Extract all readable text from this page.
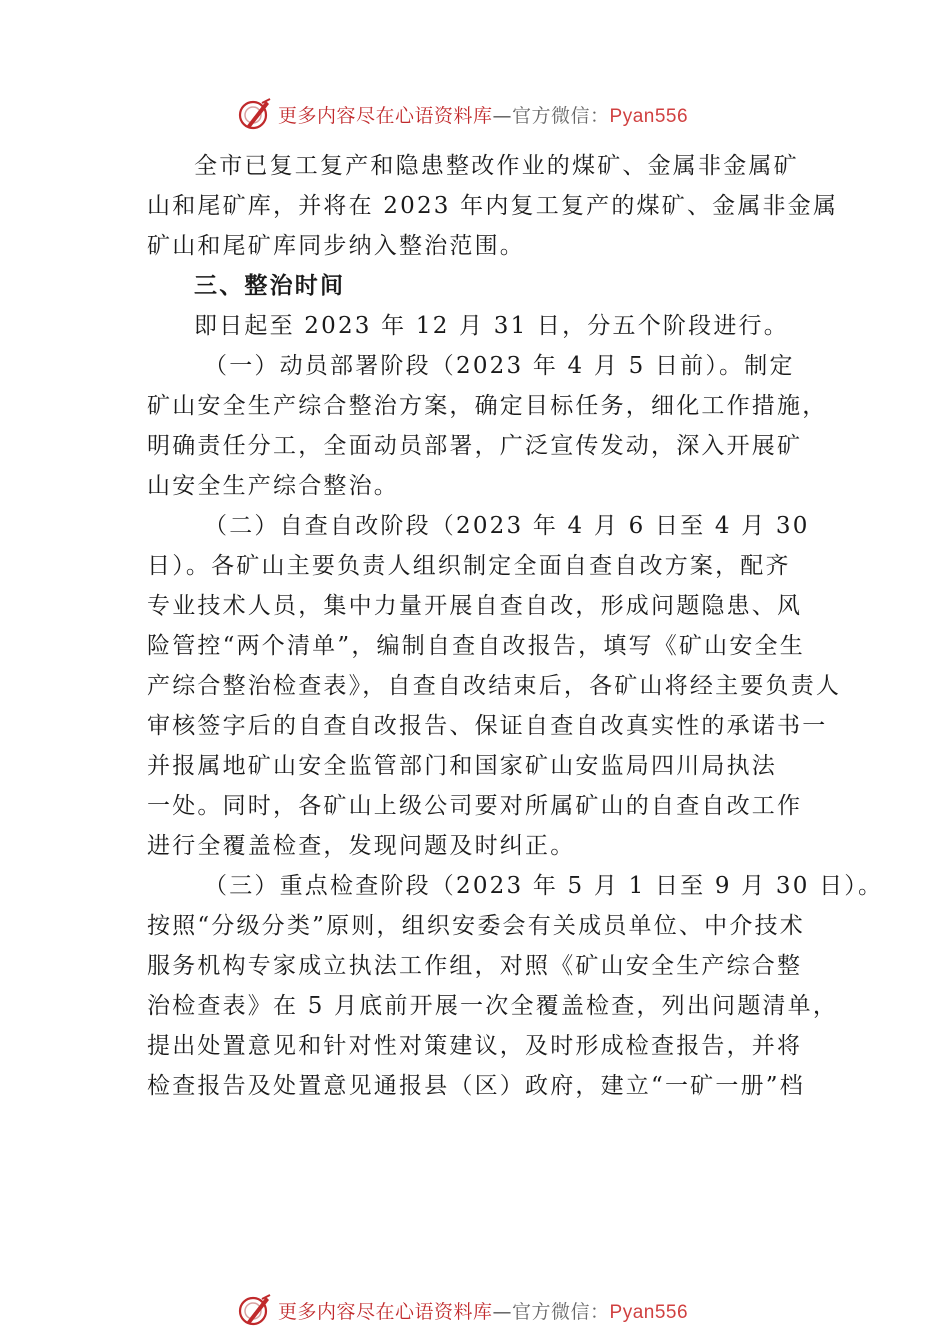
更多内容尽在心语资料库—官方微信：Pyan556
全市已复工复产和隐患整改作业的煤矿、金属非金属矿
山和尾矿库，并将在 2023 年内复工复产的煤矿、金属非金属
矿山和尾矿库同步纳入整治范围。
三、整治时间
即日起至 2023 年 12 月 31 日，分五个阶段进行。
（一）动员部署阶段（2023 年 4 月 5 日前）。制定
矿山安全生产综合整治方案，确定目标任务，细化工作措施，
明确责任分工，全面动员部署，广泛宣传发动，深入开展矿
山安全生产综合整治。
（二）自查自改阶段（2023 年 4 月 6 日至 4 月 30
日）。各矿山主要负责人组织制定全面自查自改方案，配齐
专业技术人员，集中力量开展自查自改，形成问题隐患、风
险管控“两个清单”，编制自查自改报告，填写《矿山安全生
产综合整治检查表》，自查自改结束后，各矿山将经主要负责人
审核签字后的自查自改报告、保证自查自改真实性的承诺书一
并报属地矿山安全监管部门和国家矿山安监局四川局执法
一处。同时，各矿山上级公司要对所属矿山的自查自改工作
进行全覆盖检查，发现问题及时纠正。
（三）重点检查阶段（2023 年 5 月 1 日至 9 月 30 日）。
按照“分级分类”原则，组织安委会有关成员单位、中介技术
服务机构专家成立执法工作组，对照《矿山安全生产综合整
治检查表》在 5 月底前开展一次全覆盖检查，列出问题清单，
提出处置意见和针对性对策建议，及时形成检查报告，并将
检查报告及处置意见通报县（区）政府，建立“一矿一册”档
更多内容尽在心语资料库—官方微信：Pyan556
